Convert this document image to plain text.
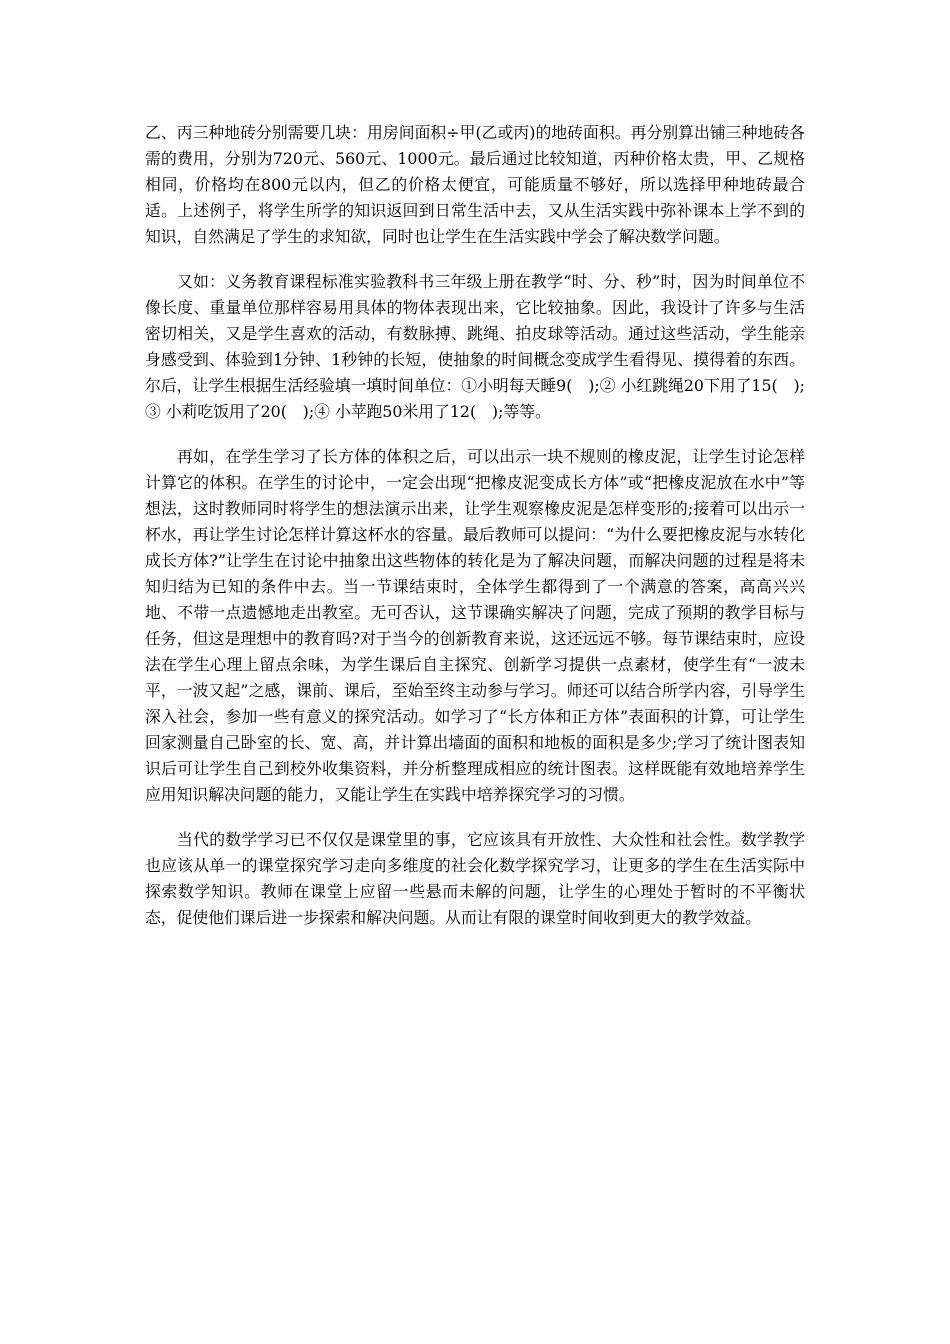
乙、丙三种地砖分别需要几块：用房间面积÷甲(乙或丙)的地砖面积。再分别算出铺三种地砖各需的费用，分别为720元、560元、1000元。最后通过比较知道，丙种价格太贵，甲、乙规格相同，价格均在800元以内，但乙的价格太便宜，可能质量不够好，所以选择甲种地砖最合适。上述例子，将学生所学的知识返回到日常生活中去，又从生活实践中弥补课本上学不到的知识，自然满足了学生的求知欲，同时也让学生在生活实践中学会了解决数学问题。

又如：义务教育课程标准实验教科书三年级上册在教学“时、分、秒”时，因为时间单位不像长度、重量单位那样容易用具体的物体表现出来，它比较抽象。因此，我设计了许多与生活密切相关，又是学生喜欢的活动，有数脉搏、跳绳、拍皮球等活动。通过这些活动，学生能亲身感受到、体验到1分钟、1秒钟的长短，使抽象的时间概念变成学生看得见、摸得着的东西。尔后，让学生根据生活经验填一填时间单位：①小明每天睡9(　);② 小红跳绳20下用了15(　);③ 小莉吃饭用了20(　);④ 小苹跑50米用了12(　);等等。

再如，在学生学习了长方体的体积之后，可以出示一块不规则的橡皮泥，让学生讨论怎样计算它的体积。在学生的讨论中，一定会出现“把橡皮泥变成长方体”或“把橡皮泥放在水中”等想法，这时教师同时将学生的想法演示出来，让学生观察橡皮泥是怎样变形的;接着可以出示一杯水，再让学生讨论怎样计算这杯水的容量。最后教师可以提问：“为什么要把橡皮泥与水转化成长方体?”让学生在讨论中抽象出这些物体的转化是为了解决问题，而解决问题的过程是将未知归结为已知的条件中去。当一节课结束时，全体学生都得到了一个满意的答案，高高兴兴地、不带一点遗憾地走出教室。无可否认，这节课确实解决了问题，完成了预期的教学目标与任务，但这是理想中的教育吗?对于当今的创新教育来说，这还远远不够。每节课结束时，应设法在学生心理上留点余味，为学生课后自主探究、创新学习提供一点素材，使学生有“一波未平，一波又起”之感，课前、课后，至始至终主动参与学习。师还可以结合所学内容，引导学生深入社会，参加一些有意义的探究活动。如学习了“长方体和正方体”表面积的计算，可让学生回家测量自己卧室的长、宽、高，并计算出墙面的面积和地板的面积是多少;学习了统计图表知识后可让学生自己到校外收集资料，并分析整理成相应的统计图表。这样既能有效地培养学生应用知识解决问题的能力，又能让学生在实践中培养探究学习的习惯。

当代的数学学习已不仅仅是课堂里的事，它应该具有开放性、大众性和社会性。数学教学也应该从单一的课堂探究学习走向多维度的社会化数学探究学习，让更多的学生在生活实际中探索数学知识。教师在课堂上应留一些悬而未解的问题，让学生的心理处于暂时的不平衡状态，促使他们课后进一步探索和解决问题。从而让有限的课堂时间收到更大的教学效益。
